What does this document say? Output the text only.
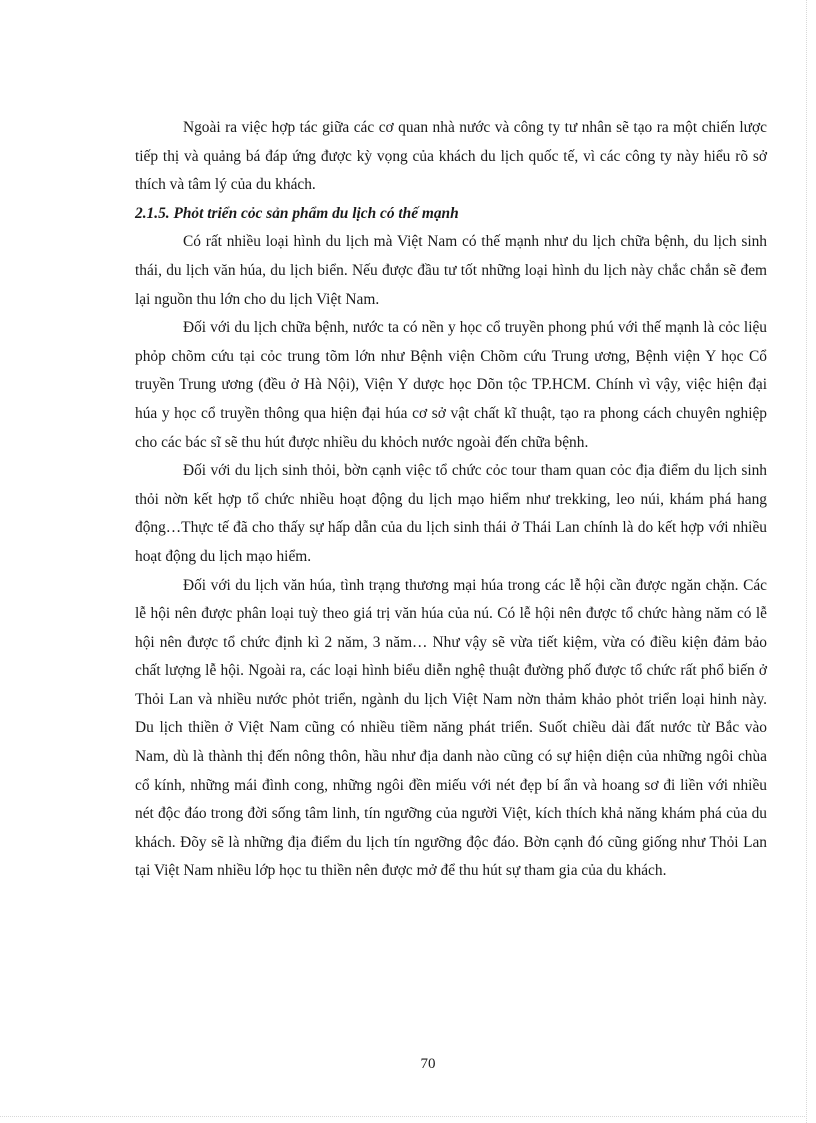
Ngoài ra việc hợp tác giữa các cơ quan nhà nước và công ty tư nhân sẽ tạo ra một chiến lược tiếp thị và quảng bá đáp ứng được kỳ vọng của khách du lịch quốc tế, vì các công ty này hiểu rõ sở thích và tâm lý của du khách.

2.1.5. Phỏt triển cỏc sản phẩm du lịch có thế mạnh

Có rất nhiều loại hình du lịch mà Việt Nam có thế mạnh như du lịch chữa bệnh, du lịch sinh thái, du lịch văn húa, du lịch biển. Nếu được đầu tư tốt những loại hình du lịch này chắc chắn sẽ đem lại nguồn thu lớn cho du lịch Việt Nam.

Đối với du lịch chữa bệnh, nước ta có nền y học cổ truyền phong phú với thế mạnh là cỏc liệu phỏp chõm cứu tại cỏc trung tõm lớn như Bệnh viện Chõm cứu Trung ương, Bệnh viện Y học Cổ truyền Trung ương (đều ở Hà Nội), Viện Y dược học Dõn tộc TP.HCM. Chính vì vậy, việc hiện đại húa y học cổ truyền thông qua hiện đại húa cơ sở vật chất kĩ thuật, tạo ra phong cách chuyên nghiệp cho các bác sĩ sẽ thu hút được nhiều du khỏch nước ngoài đến chữa bệnh.

Đối với du lịch sinh thỏi, bờn cạnh việc tổ chức cỏc tour tham quan cỏc địa điểm du lịch sinh thỏi nờn kết hợp tổ chức nhiều hoạt động du lịch mạo hiểm như trekking, leo núi, khám phá hang động…Thực tế đã cho thấy sự hấp dẫn của du lịch sinh thái ở Thái Lan chính là do kết hợp với nhiều hoạt động du lịch mạo hiểm.

Đối với du lịch văn húa, tình trạng thương mại húa trong các lễ hội cần được ngăn chặn. Các lễ hội nên được phân loại tuỳ theo giá trị văn húa của nú. Có lễ hội nên được tổ chức hàng năm có lễ hội nên được tổ chức định kì 2 năm, 3 năm… Như vậy sẽ vừa tiết kiệm, vừa có điều kiện đảm bảo chất lượng lễ hội. Ngoài ra, các loại hình biểu diễn nghệ thuật đường phố được tổ chức rất phổ biến ở Thỏi Lan và nhiều nước phỏt triển, ngành du lịch Việt Nam nờn thảm khảo phỏt triển loại hinh này. Du lịch thiền ở Việt Nam cũng có nhiều tiềm năng phát triển. Suốt chiều dài đất nước từ Bắc vào Nam, dù là thành thị đến nông thôn, hầu như địa danh nào cũng có sự hiện diện của những ngôi chùa cổ kính, những mái đình cong, những ngôi đền miếu với nét đẹp bí ẩn và hoang sơ đi liền với nhiều nét độc đáo trong đời sống tâm linh, tín ngưỡng của người Việt, kích thích khả năng khám phá của du khách. Đõy sẽ là những địa điểm du lịch tín ngưỡng độc đáo. Bờn cạnh đó cũng giống như Thỏi Lan tại Việt Nam nhiều lớp học tu thiền nên được mở để thu hút sự tham gia của du khách.

70
